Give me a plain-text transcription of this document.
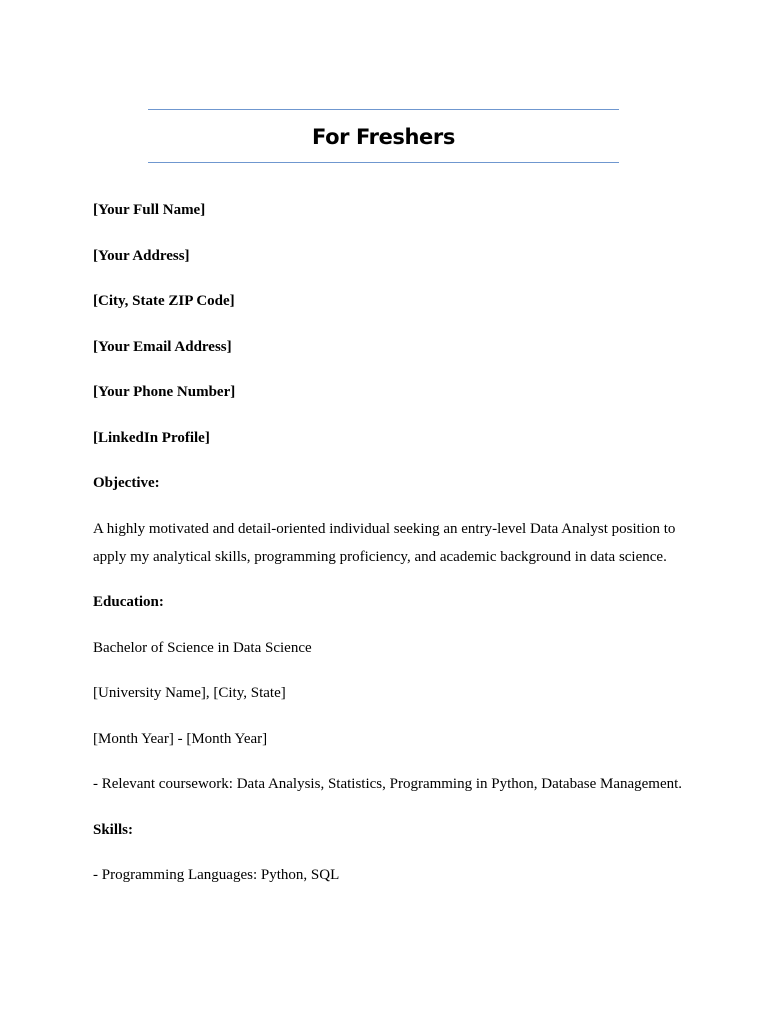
For Freshers

[Your Full Name]

[Your Address]

[City, State ZIP Code]

[Your Email Address]

[Your Phone Number]

[LinkedIn Profile]

Objective:

A highly motivated and detail-oriented individual seeking an entry-level Data Analyst position to apply my analytical skills, programming proficiency, and academic background in data science.

Education:

Bachelor of Science in Data Science

[University Name], [City, State]

[Month Year] - [Month Year]

- Relevant coursework: Data Analysis, Statistics, Programming in Python, Database Management.

Skills:

- Programming Languages: Python, SQL
